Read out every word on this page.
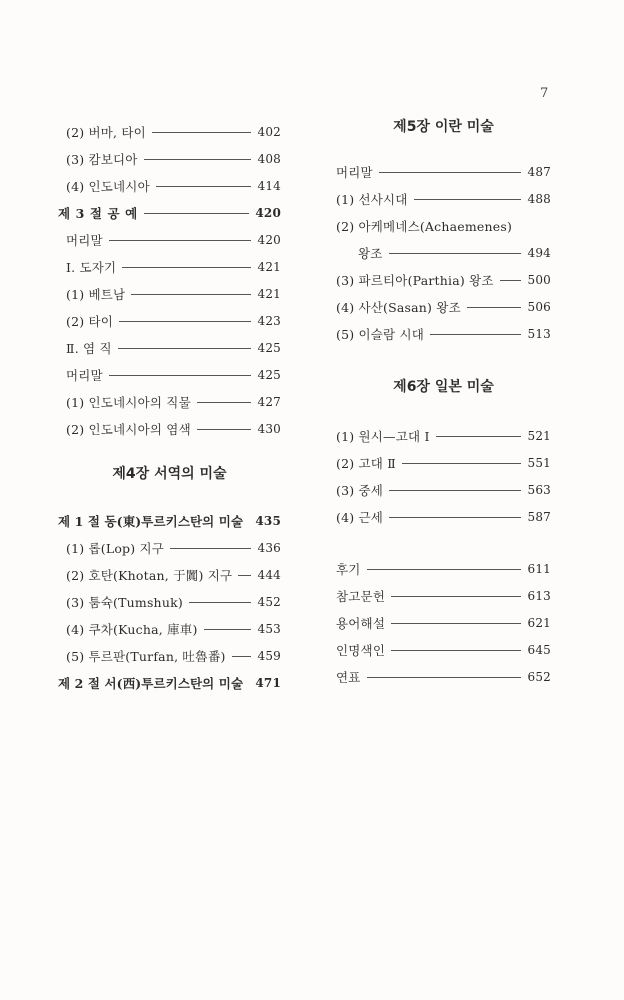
7
(2) 버마, 타이	402
(3) 캄보디아	408
(4) 인도네시아	414
제 3 절 공 예	420
머리말	420
Ⅰ. 도자기	421
(1) 베트남	421
(2) 타이	423
Ⅱ. 염 직	425
머리말	425
(1) 인도네시아의 직물	427
(2) 인도네시아의 염색	430
제4장 서역의 미술
제 1 절 동(東)투르키스탄의 미술 435
(1) 롭(Lop) 지구	436
(2) 호탄(Khotan, 于闐) 지구 444
(3) 툼슉(Tumshuk)	452
(4) 쿠차(Kucha, 庫車)	453
(5) 투르판(Turfan, 吐魯番)	459
제 2 절 서(西)투르키스탄의 미술 471
제5장 이란 미술
머리말	487
(1) 선사시대	488
(2) 아케메네스(Achaemenes)
왕조	494
(3) 파르티아(Parthia) 왕조	500
(4) 사산(Sasan) 왕조	506
(5) 이슬람 시대	513
제6장 일본 미술
(1) 원시—고대 Ⅰ	521
(2) 고대 Ⅱ	551
(3) 중세	563
(4) 근세	587
후기	611
참고문헌	613
용어해설	621
인명색인	645
연표	652
